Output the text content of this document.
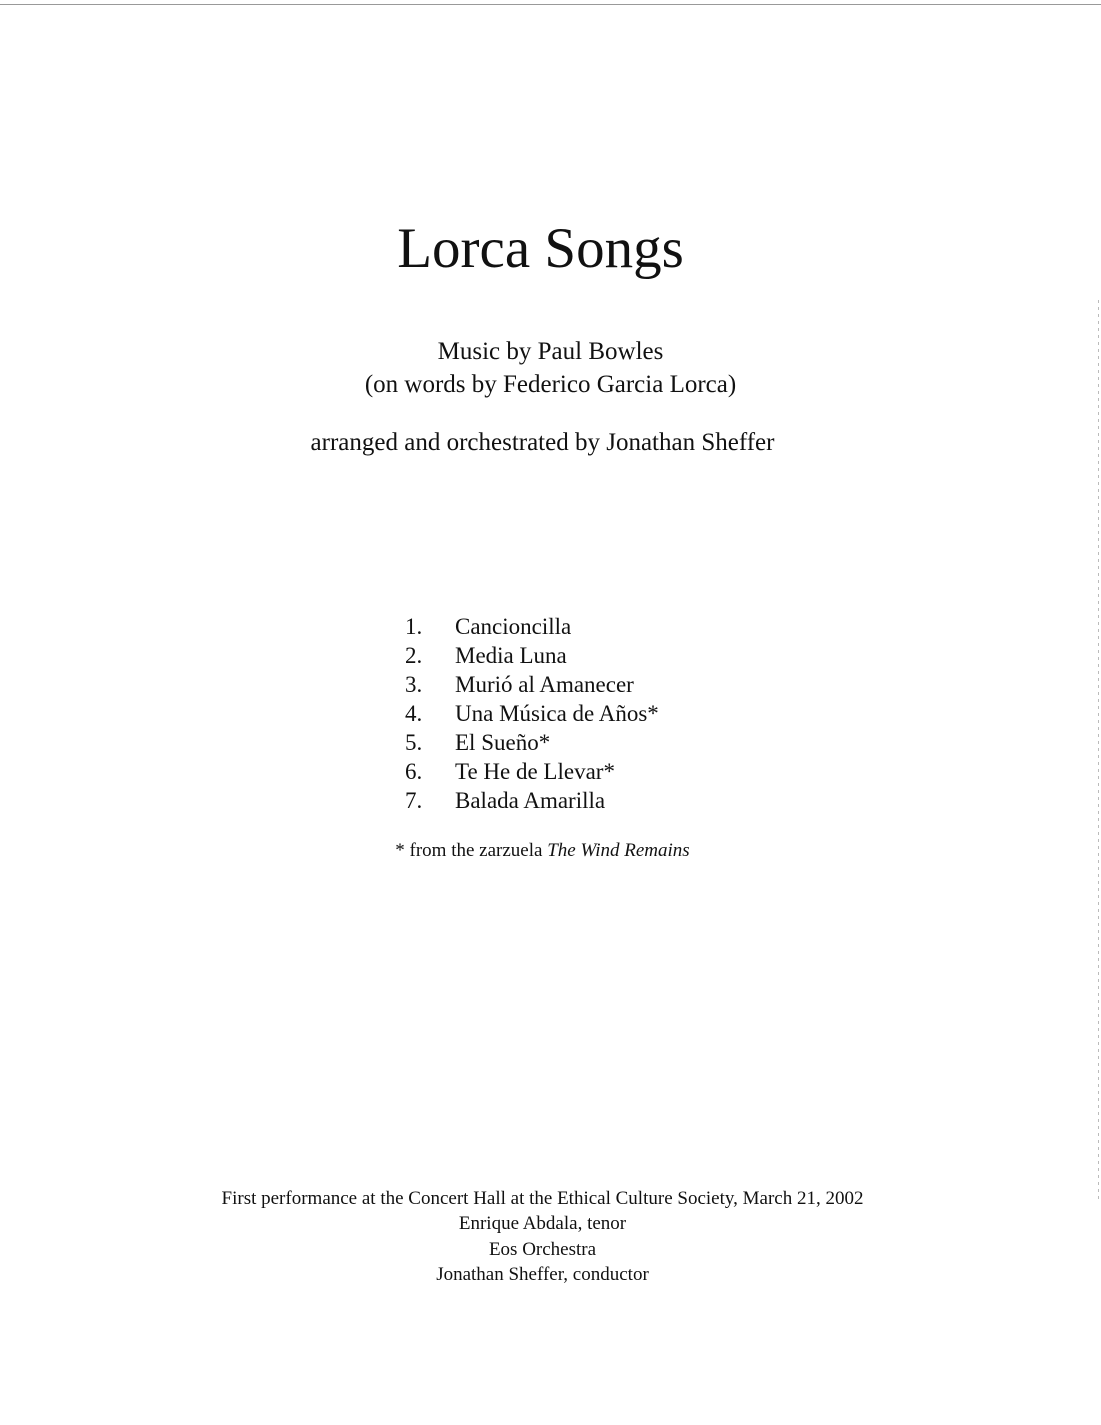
Lorca Songs
Music by Paul Bowles
(on words by Federico Garcia Lorca)
arranged and orchestrated by Jonathan Sheffer
1.	Cancioncilla
2.	Media Luna
3.	Murió al Amanecer
4.	Una Música de Años*
5.	El Sueño*
6.	Te He de Llevar*
7.	Balada Amarilla
* from the zarzuela The Wind Remains
First performance at the Concert Hall at the Ethical Culture Society, March 21, 2002
Enrique Abdala, tenor
Eos Orchestra
Jonathan Sheffer, conductor
